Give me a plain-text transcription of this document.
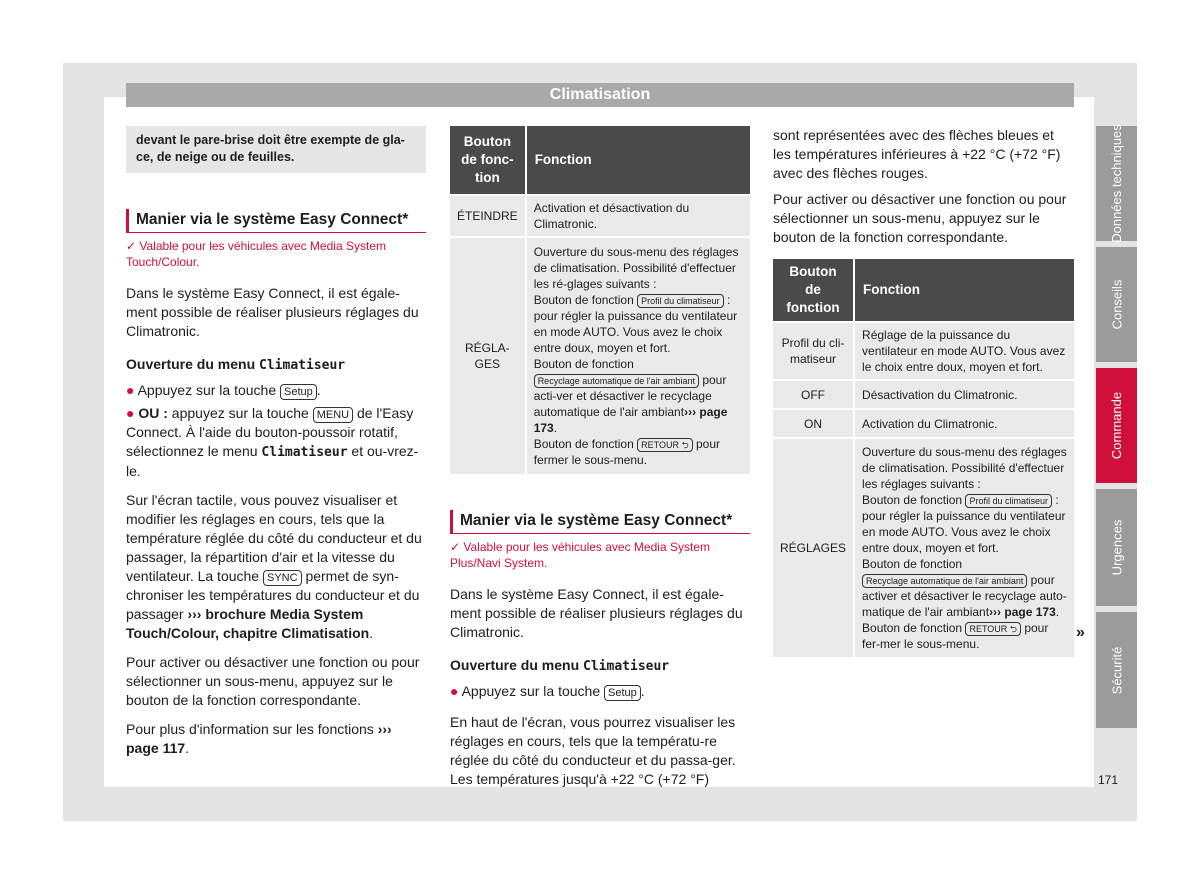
Climatisation
devant le pare-brise doit être exempte de gla-ce, de neige ou de feuilles.
Manier via le système Easy Connect*
✓ Valable pour les véhicules avec Media System Touch/Colour.
Dans le système Easy Connect, il est égale-ment possible de réaliser plusieurs réglages du Climatronic.
Ouverture du menu Climatiseur
● Appuyez sur la touche Setup .
● OU : appuyez sur la touche MENU de l'Easy Connect. À l'aide du bouton-poussoir rotatif, sélectionnez le menu Climatiseur et ou-vrez-le.
Sur l'écran tactile, vous pouvez visualiser et modifier les réglages en cours, tels que la température réglée du côté du conducteur et du passager, la répartition d'air et la vitesse du ventilateur. La touche SYNC permet de syn-chroniser les températures du conducteur et du passager ››› brochure Media System Touch/Colour, chapitre Climatisation.
Pour activer ou désactiver une fonction ou pour sélectionner un sous-menu, appuyez sur le bouton de la fonction correspondante.
Pour plus d'information sur les fonctions ››› page 117.
Bouton de fonc-tion	Fonction
ÉTEINDRE	Activation et désactivation du Climatronic.
RÉGLA-GES	Ouverture du sous-menu des réglages de climatisation. Possibilité d'effectuer les ré-glages suivants :
Bouton de fonction Profil du climatiseur : pour régler la puissance du ventilateur en mode AUTO. Vous avez le choix entre doux, moyen et fort.
Bouton de fonction Recyclage automatique de l'air ambiant pour acti-ver et désactiver le recyclage automatique de l'air ambiant››› page 173.
Bouton de fonction RETOUR ⮌ pour fermer le sous-menu.
Manier via le système Easy Connect*
✓ Valable pour les véhicules avec Media System Plus/Navi System.
Dans le système Easy Connect, il est égale-ment possible de réaliser plusieurs réglages du Climatronic.
Ouverture du menu Climatiseur
● Appuyez sur la touche Setup .
En haut de l'écran, vous pourrez visualiser les réglages en cours, tels que la températu-re réglée du côté du conducteur et du passa-ger. Les températures jusqu'à +22 °C (+72 °F)
sont représentées avec des flèches bleues et les températures inférieures à +22 °C (+72 °F) avec des flèches rouges.
Pour activer ou désactiver une fonction ou pour sélectionner un sous-menu, appuyez sur le bouton de la fonction correspondante.
Bouton de fonction	Fonction
Profil du cli-matiseur	Réglage de la puissance du ventilateur en mode AUTO. Vous avez le choix entre doux, moyen et fort.
OFF	Désactivation du Climatronic.
ON	Activation du Climatronic.
RÉGLAGES	Ouverture du sous-menu des réglages de climatisation. Possibilité d'effectuer les réglages suivants :
Bouton de fonction Profil du climatiseur : pour régler la puissance du ventilateur en mode AUTO. Vous avez le choix entre doux, moyen et fort.
Bouton de fonction Recyclage automatique de l'air ambiant pour activer et désactiver le recyclage auto-matique de l'air ambiant››› page 173.
Bouton de fonction RETOUR ⮌ pour fer-mer le sous-menu.
»
Données techniques
Conseils
Commande
Urgences
Sécurité
171
